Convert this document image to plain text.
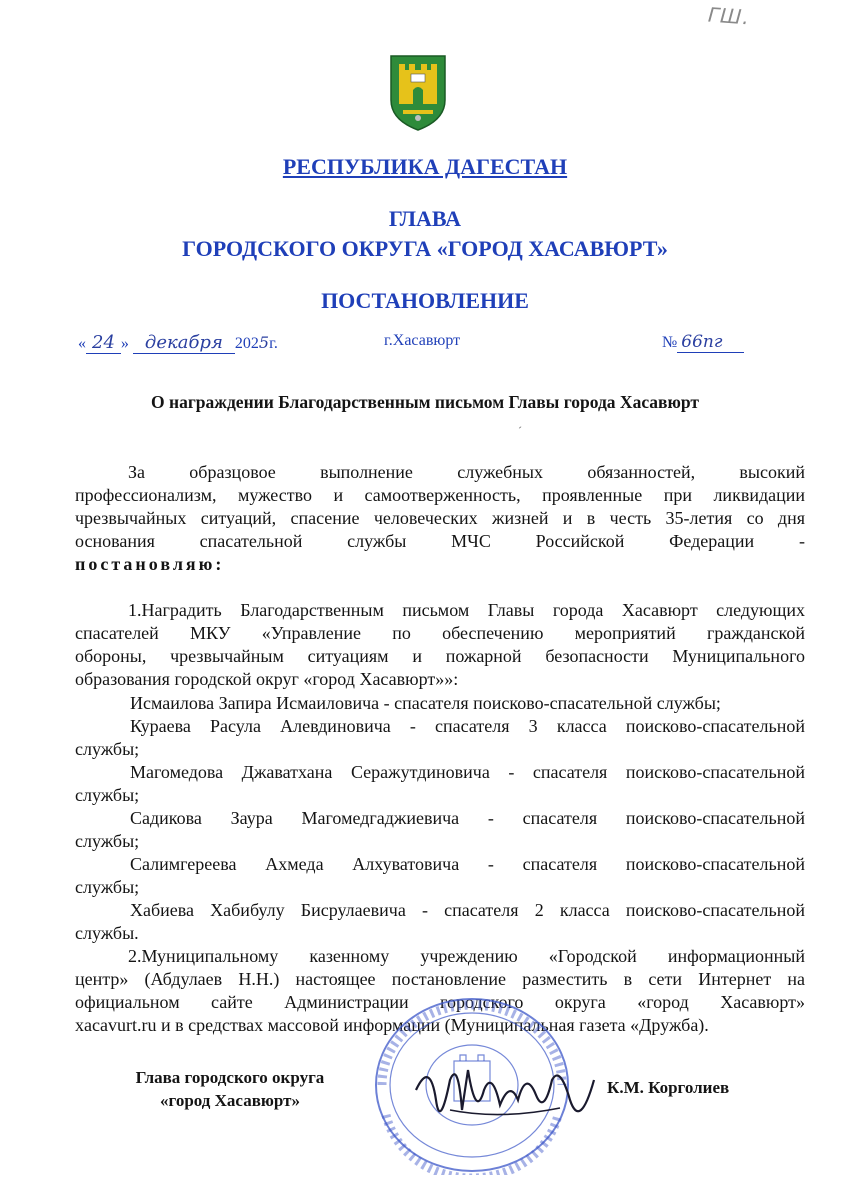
ГШ.
РЕСПУБЛИКА ДАГЕСТАН
ГЛАВА
ГОРОДСКОГО ОКРУГА «ГОРОД ХАСАВЮРТ»
ПОСТАНОВЛЕНИЕ
« 24 » декабря 2025г.	г.Хасавюрт	№ 66пг
О награждении Благодарственным письмом Главы города Хасавюрт
ˊ

За образцовое выполнение служебных обязанностей, высокий

профессионализм, мужество и самоотверженность, проявленные при ликвидации

чрезвычайных ситуаций, спасение человеческих жизней и в честь 35-летия со дня

основания спасательной службы МЧС Российской Федерации -

постановляю:

1.Наградить Благодарственным письмом Главы города Хасавюрт следующих

спасателей МКУ «Управление по обеспечению мероприятий гражданской

обороны, чрезвычайным ситуациям и пожарной безопасности Муниципального

образования городской округ «город Хасавюрт»»:

Исмаилова Запира Исмаиловича - спасателя поисково-спасательной службы;

Кураева Расула Алевдиновича - спасателя 3 класса поисково-спасательной

службы;

Магомедова Джаватхана Серажутдиновича - спасателя поисково-спасательной

службы;

Садикова Заура Магомедгаджиевича - спасателя поисково-спасательной

службы;

Салимгереева Ахмеда Алхуватовича - спасателя поисково-спасательной

службы;

Хабиева Хабибулу Бисрулаевича - спасателя 2 класса поисково-спасательной

службы.

2.Муниципальному казенному учреждению «Городской информационный

центр» (Абдулаев Н.Н.) настоящее постановление разместить в сети Интернет на

официальном сайте Администрации городского округа «город Хасавюрт»

xacavurt.ru и в средствах массовой информации (Муниципальная газета «Дружба).

Глава городского округа
«город Хасавюрт»
К.М. Корголиев
